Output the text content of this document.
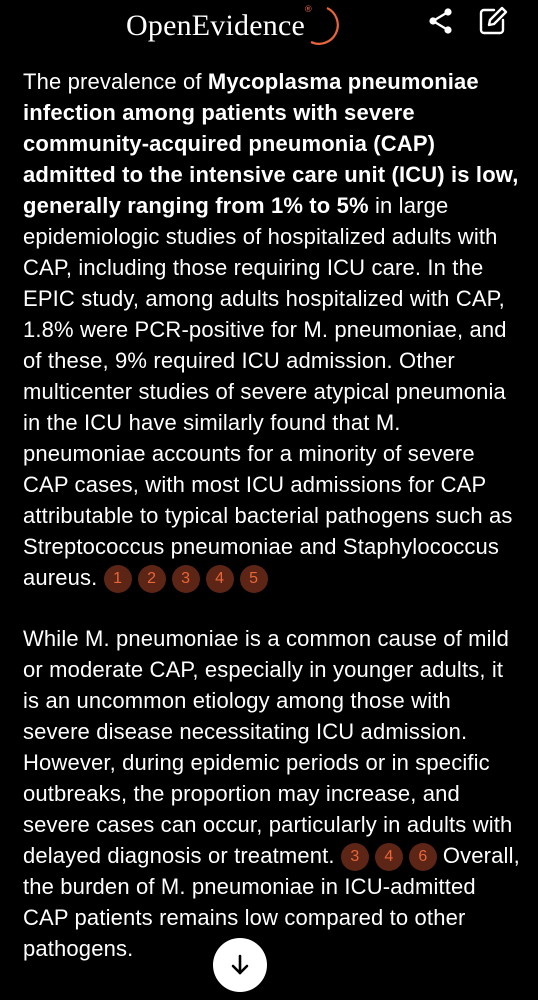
OpenEvidence
®

The prevalence of Mycoplasma pneumoniae infection among patients with severe community-acquired pneumonia (CAP) admitted to the intensive care unit (ICU) is low, generally ranging from 1% to 5% in large epidemiologic studies of hospitalized adults with CAP, including those requiring ICU care. In the EPIC study, among adults hospitalized with CAP, 1.8% were PCR-positive for M. pneumoniae, and of these, 9% required ICU admission. Other multicenter studies of severe atypical pneumonia in the ICU have similarly found that M. pneumoniae accounts for a minority of severe CAP cases, with most ICU admissions for CAP attributable to typical bacterial pathogens such as Streptococcus pneumoniae and Staphylococcus aureus. 1 2 3 4 5

While M. pneumoniae is a common cause of mild or moderate CAP, especially in younger adults, it is an uncommon etiology among those with severe disease necessitating ICU admission. However, during epidemic periods or in specific outbreaks, the proportion may increase, and severe cases can occur, particularly in adults with delayed diagnosis or treatment. 3 4 6 Overall, the burden of M. pneumoniae in ICU-admitted CAP patients remains low compared to other pathogens.
